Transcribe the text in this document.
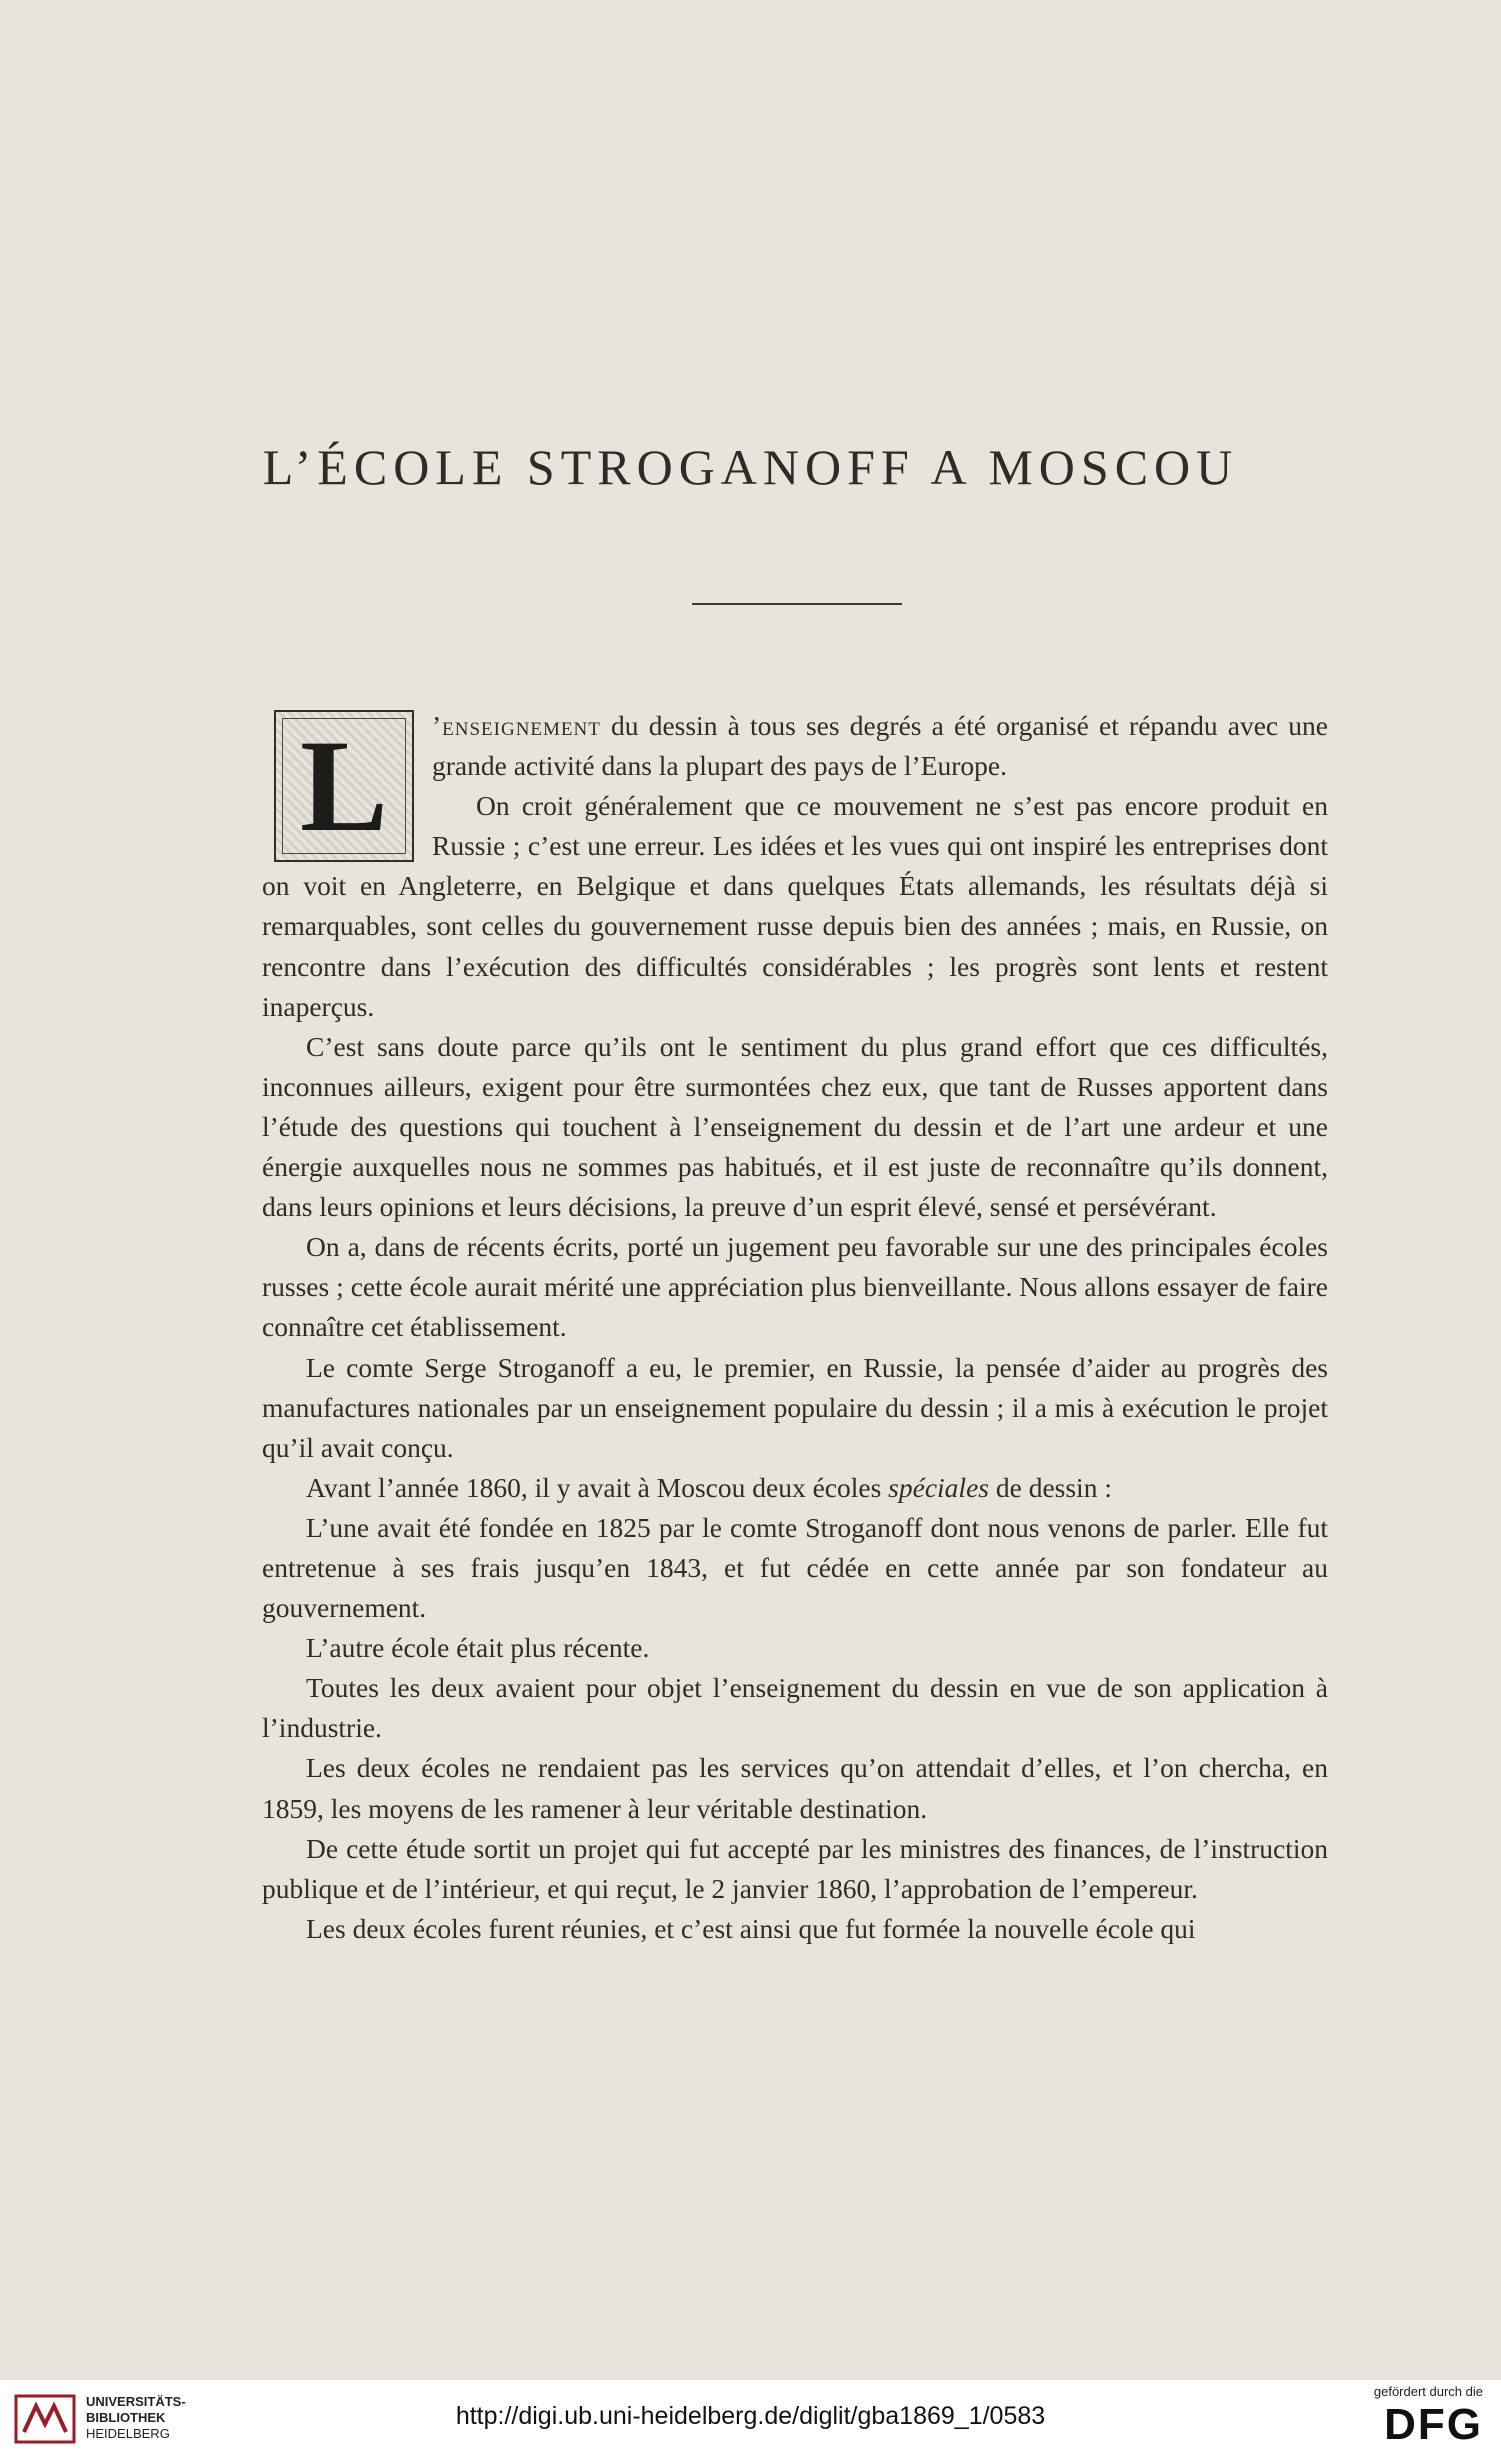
L’ÉCOLE STROGANOFF A MOSCOU

L	’enseignement du dessin à tous ses degrés a été organisé et répandu avec une grande activité dans la plupart des pays de l’Europe.

On croit généralement que ce mouvement ne s’est pas encore produit en Russie ; c’est une erreur. Les idées et les vues qui ont inspiré les entreprises dont on voit en Angleterre, en Belgique et dans quelques États allemands, les résultats déjà si remarquables, sont celles du gouvernement russe depuis bien des années ; mais, en Russie, on rencontre dans l’exécution des difficultés considérables ; les progrès sont lents et restent inaperçus.

C’est sans doute parce qu’ils ont le sentiment du plus grand effort que ces difficultés, inconnues ailleurs, exigent pour être surmontées chez eux, que tant de Russes apportent dans l’étude des questions qui touchent à l’enseignement du dessin et de l’art une ardeur et une énergie auxquelles nous ne sommes pas habitués, et il est juste de reconnaître qu’ils donnent, dans leurs opinions et leurs décisions, la preuve d’un esprit élevé, sensé et persévérant.

On a, dans de récents écrits, porté un jugement peu favorable sur une des principales écoles russes ; cette école aurait mérité une appréciation plus bienveillante. Nous allons essayer de faire connaître cet établissement.

Le comte Serge Stroganoff a eu, le premier, en Russie, la pensée d’aider au progrès des manufactures nationales par un enseignement populaire du dessin ; il a mis à exécution le projet qu’il avait conçu.

Avant l’année 1860, il y avait à Moscou deux écoles spéciales de dessin :

L’une avait été fondée en 1825 par le comte Stroganoff dont nous venons de parler. Elle fut entretenue à ses frais jusqu’en 1843, et fut cédée en cette année par son fondateur au gouvernement.

L’autre école était plus récente.

Toutes les deux avaient pour objet l’enseignement du dessin en vue de son application à l’industrie.

Les deux écoles ne rendaient pas les services qu’on attendait d’elles, et l’on chercha, en 1859, les moyens de les ramener à leur véritable destination.

De cette étude sortit un projet qui fut accepté par les ministres des finances, de l’instruction publique et de l’intérieur, et qui reçut, le 2 janvier 1860, l’approbation de l’empereur.

Les deux écoles furent réunies, et c’est ainsi que fut formée la nouvelle école qui

UNIVERSITÄTS-
BIBLIOTHEK
HEIDELBERG
http://digi.ub.uni-heidelberg.de/diglit/gba1869_1/0583
gefördert durch die
DFG
